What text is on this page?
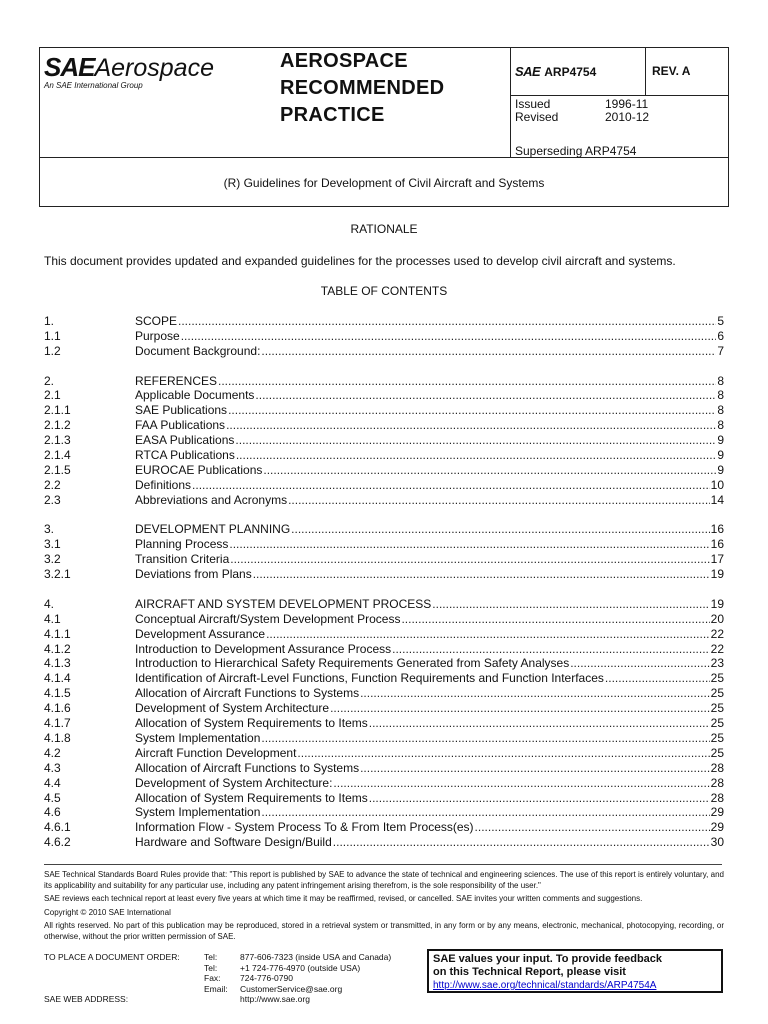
SAEAerospace
An SAE International Group
AEROSPACE
RECOMMENDED
PRACTICE
SAE ARP4754	REV. A
Issued	1996-11
Revised	2010-12
Superseding ARP4754
(R) Guidelines for Development of Civil Aircraft and Systems
RATIONALE
This document provides updated and expanded guidelines for the processes used to develop civil aircraft and systems.
TABLE OF CONTENTS
1.	SCOPE .....	5
1.1	Purpose .....	6
1.2	Document Background: .....	7
2.	REFERENCES .....	8
2.1	Applicable Documents .....	8
2.1.1	SAE Publications .....	8
2.1.2	FAA Publications .....	8
2.1.3	EASA Publications .....	9
2.1.4	RTCA Publications .....	9
2.1.5	EUROCAE Publications .....	9
2.2	Definitions .....	10
2.3	Abbreviations and Acronyms .....	14
3.	DEVELOPMENT PLANNING .....	16
3.1	Planning Process .....	16
3.2	Transition Criteria .....	17
3.2.1	Deviations from Plans .....	19
4.	AIRCRAFT AND SYSTEM DEVELOPMENT PROCESS .....	19
4.1	Conceptual Aircraft/System Development Process .....	20
4.1.1	Development Assurance .....	22
4.1.2	Introduction to Development Assurance Process .....	22
4.1.3	Introduction to Hierarchical Safety Requirements Generated from Safety Analyses .....	23
4.1.4	Identification of Aircraft-Level Functions, Function Requirements and Function Interfaces .....	25
4.1.5	Allocation of Aircraft Functions to Systems .....	25
4.1.6	Development of System Architecture .....	25
4.1.7	Allocation of System Requirements to Items .....	25
4.1.8	System Implementation .....	25
4.2	Aircraft Function Development .....	25
4.3	Allocation of Aircraft Functions to Systems .....	28
4.4	Development of System Architecture: .....	28
4.5	Allocation of System Requirements to Items .....	28
4.6	System Implementation .....	29
4.6.1	Information Flow - System Process To & From Item Process(es) .....	29
4.6.2	Hardware and Software Design/Build .....	30

SAE Technical Standards Board Rules provide that: "This report is published by SAE to advance the state of technical and engineering sciences. The use of this report is entirely voluntary, and its applicability and suitability for any particular use, including any patent infringement arising therefrom, is the sole responsibility of the user."

SAE reviews each technical report at least every five years at which time it may be reaffirmed, revised, or cancelled. SAE invites your written comments and suggestions.

Copyright © 2010 SAE International

All rights reserved. No part of this publication may be reproduced, stored in a retrieval system or transmitted, in any form or by any means, electronic, mechanical, photocopying, recording, or otherwise, without the prior written permission of SAE.

TO PLACE A DOCUMENT ORDER:	Tel:	877-606-7323 (inside USA and Canada)
Tel:	+1 724-776-4970 (outside USA)
Fax:	724-776-0790
Email:	CustomerService@sae.org
SAE WEB ADDRESS:	http://www.sae.org
SAE values your input. To provide feedback
on this Technical Report, please visit
http://www.sae.org/technical/standards/ARP4754A
